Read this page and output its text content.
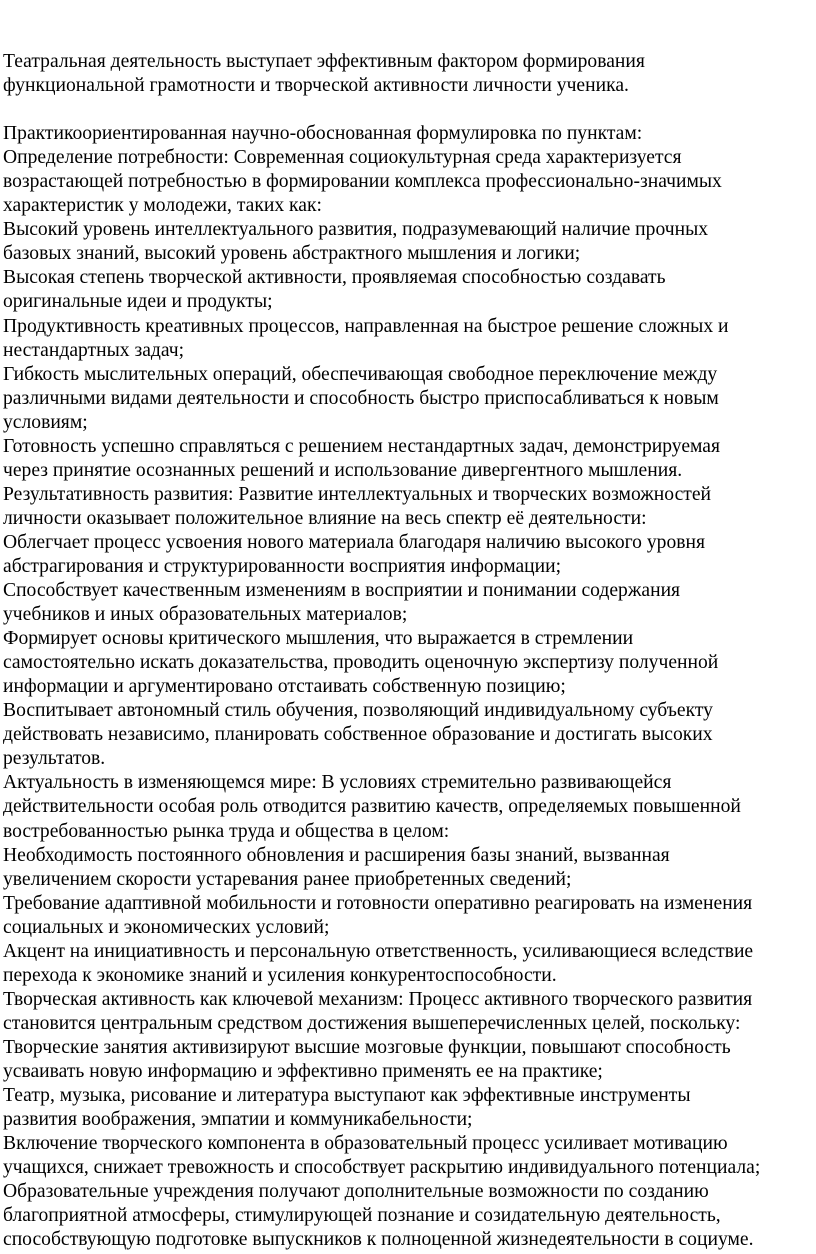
Театральная деятельность выступает эффективным фактором формирования
функциональной грамотности и творческой активности личности ученика.
Практикоориентированная научно-обоснованная формулировка по пунктам:
Определение потребности: Современная социокультурная среда характеризуется
возрастающей потребностью в формировании комплекса профессионально-значимых
характеристик у молодежи, таких как:
Высокий уровень интеллектуального развития, подразумевающий наличие прочных
базовых знаний, высокий уровень абстрактного мышления и логики;
Высокая степень творческой активности, проявляемая способностью создавать
оригинальные идеи и продукты;
Продуктивность креативных процессов, направленная на быстрое решение сложных и
нестандартных задач;
Гибкость мыслительных операций, обеспечивающая свободное переключение между
различными видами деятельности и способность быстро приспосабливаться к новым
условиям;
Готовность успешно справляться с решением нестандартных задач, демонстрируемая
через принятие осознанных решений и использование дивергентного мышления.
Результативность развития: Развитие интеллектуальных и творческих возможностей
личности оказывает положительное влияние на весь спектр её деятельности:
Облегчает процесс усвоения нового материала благодаря наличию высокого уровня
абстрагирования и структурированности восприятия информации;
Способствует качественным изменениям в восприятии и понимании содержания
учебников и иных образовательных материалов;
Формирует основы критического мышления, что выражается в стремлении
самостоятельно искать доказательства, проводить оценочную экспертизу полученной
информации и аргументировано отстаивать собственную позицию;
Воспитывает автономный стиль обучения, позволяющий индивидуальному субъекту
действовать независимо, планировать собственное образование и достигать высоких
результатов.
Актуальность в изменяющемся мире: В условиях стремительно развивающейся
действительности особая роль отводится развитию качеств, определяемых повышенной
востребованностью рынка труда и общества в целом:
Необходимость постоянного обновления и расширения базы знаний, вызванная
увеличением скорости устаревания ранее приобретенных сведений;
Требование адаптивной мобильности и готовности оперативно реагировать на изменения
социальных и экономических условий;
Акцент на инициативность и персональную ответственность, усиливающиеся вследствие
перехода к экономике знаний и усиления конкурентоспособности.
Творческая активность как ключевой механизм: Процесс активного творческого развития
становится центральным средством достижения вышеперечисленных целей, поскольку:
Творческие занятия активизируют высшие мозговые функции, повышают способность
усваивать новую информацию и эффективно применять ее на практике;
Театр, музыка, рисование и литература выступают как эффективные инструменты
развития воображения, эмпатии и коммуникабельности;
Включение творческого компонента в образовательный процесс усиливает мотивацию
учащихся, снижает тревожность и способствует раскрытию индивидуального потенциала;
Образовательные учреждения получают дополнительные возможности по созданию
благоприятной атмосферы, стимулирующей познание и созидательную деятельность,
способствующую подготовке выпускников к полноценной жизнедеятельности в социуме.
